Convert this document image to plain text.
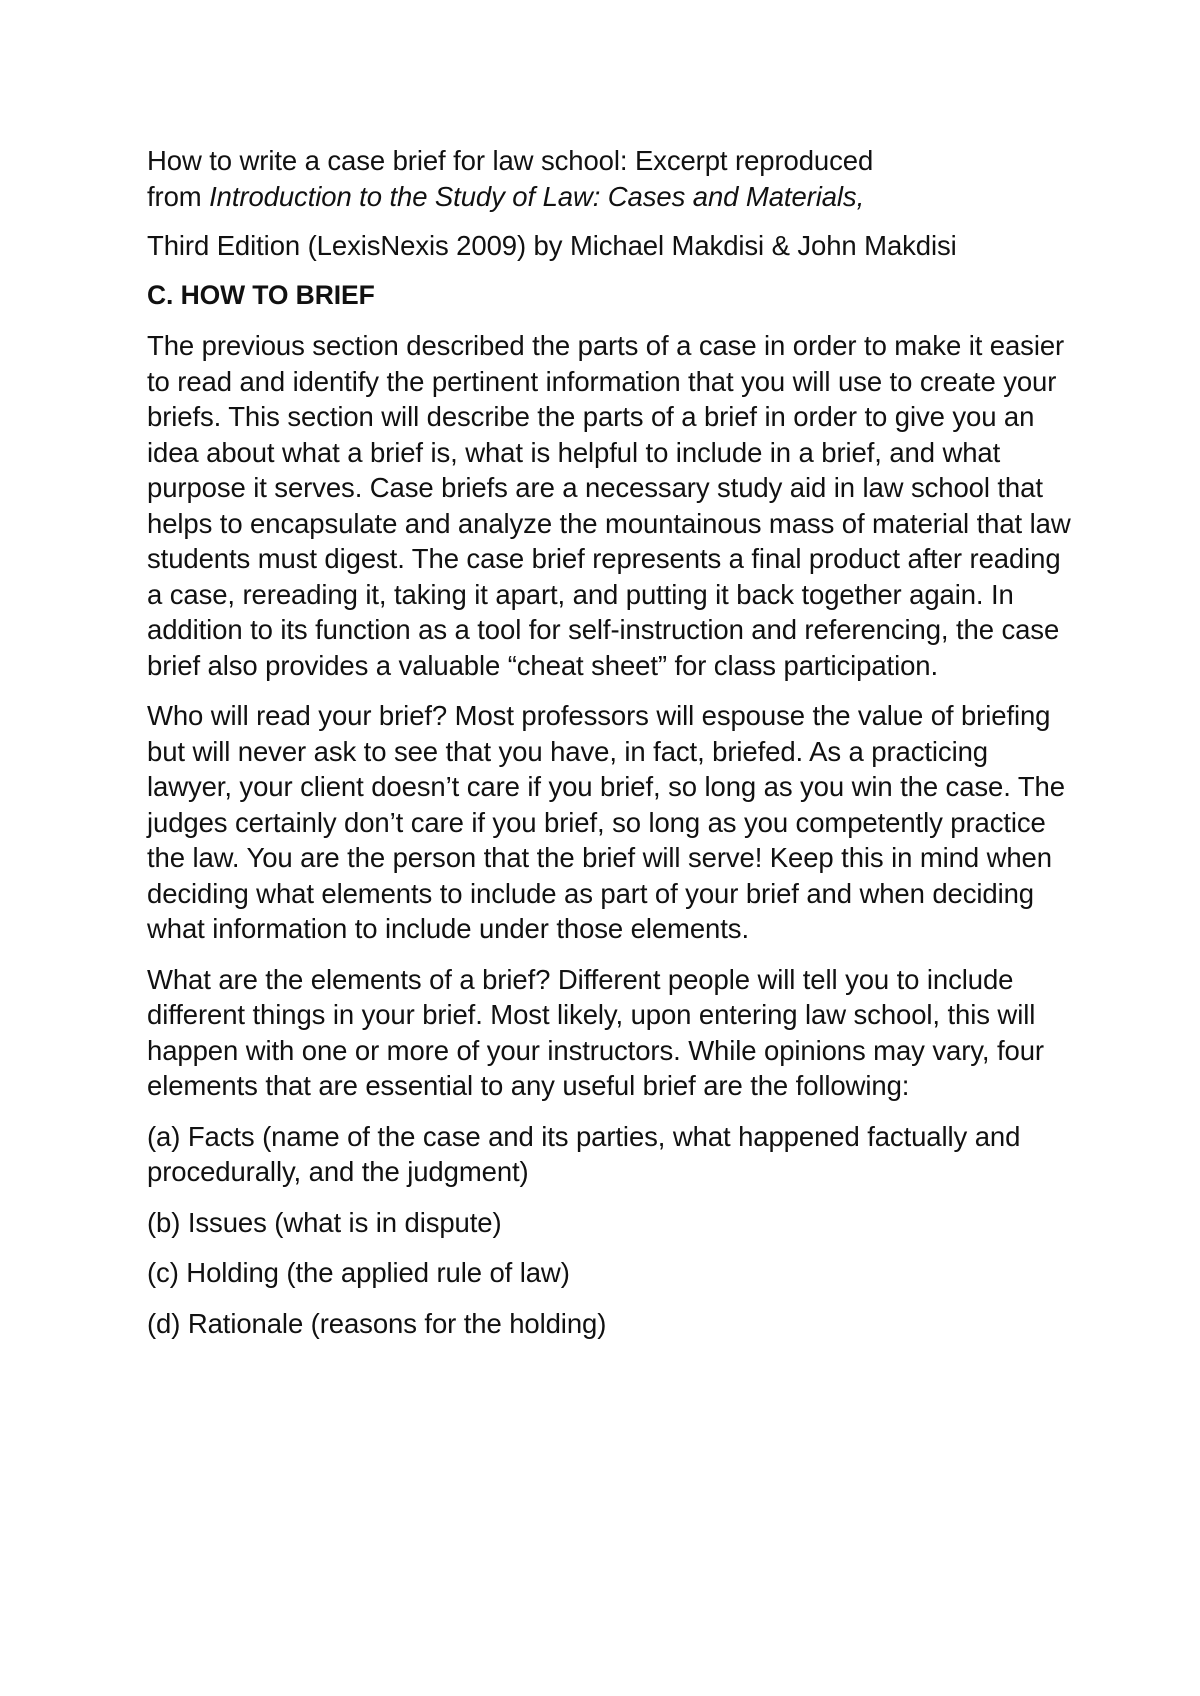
How to write a case brief for law school: Excerpt reproduced
from Introduction to the Study of Law: Cases and Materials,

Third Edition (LexisNexis 2009) by Michael Makdisi & John Makdisi

C. HOW TO BRIEF

The previous section described the parts of a case in order to make it easier to read and identify the pertinent information that you will use to create your briefs. This section will describe the parts of a brief in order to give you an idea about what a brief is, what is helpful to include in a brief, and what purpose it serves. Case briefs are a necessary study aid in law school that helps to encapsulate and analyze the mountainous mass of material that law students must digest. The case brief represents a final product after reading a case, rereading it, taking it apart, and putting it back together again. In addition to its function as a tool for self-instruction and referencing, the case brief also provides a valuable “cheat sheet” for class participation.

Who will read your brief? Most professors will espouse the value of briefing but will never ask to see that you have, in fact, briefed. As a practicing lawyer, your client doesn’t care if you brief, so long as you win the case. The judges certainly don’t care if you brief, so long as you competently practice the law. You are the person that the brief will serve! Keep this in mind when deciding what elements to include as part of your brief and when deciding what information to include under those elements.

What are the elements of a brief? Different people will tell you to include different things in your brief. Most likely, upon entering law school, this will happen with one or more of your instructors. While opinions may vary, four elements that are essential to any useful brief are the following:

(a) Facts (name of the case and its parties, what happened factually and procedurally, and the judgment)

(b) Issues (what is in dispute)

(c) Holding (the applied rule of law)

(d) Rationale (reasons for the holding)
